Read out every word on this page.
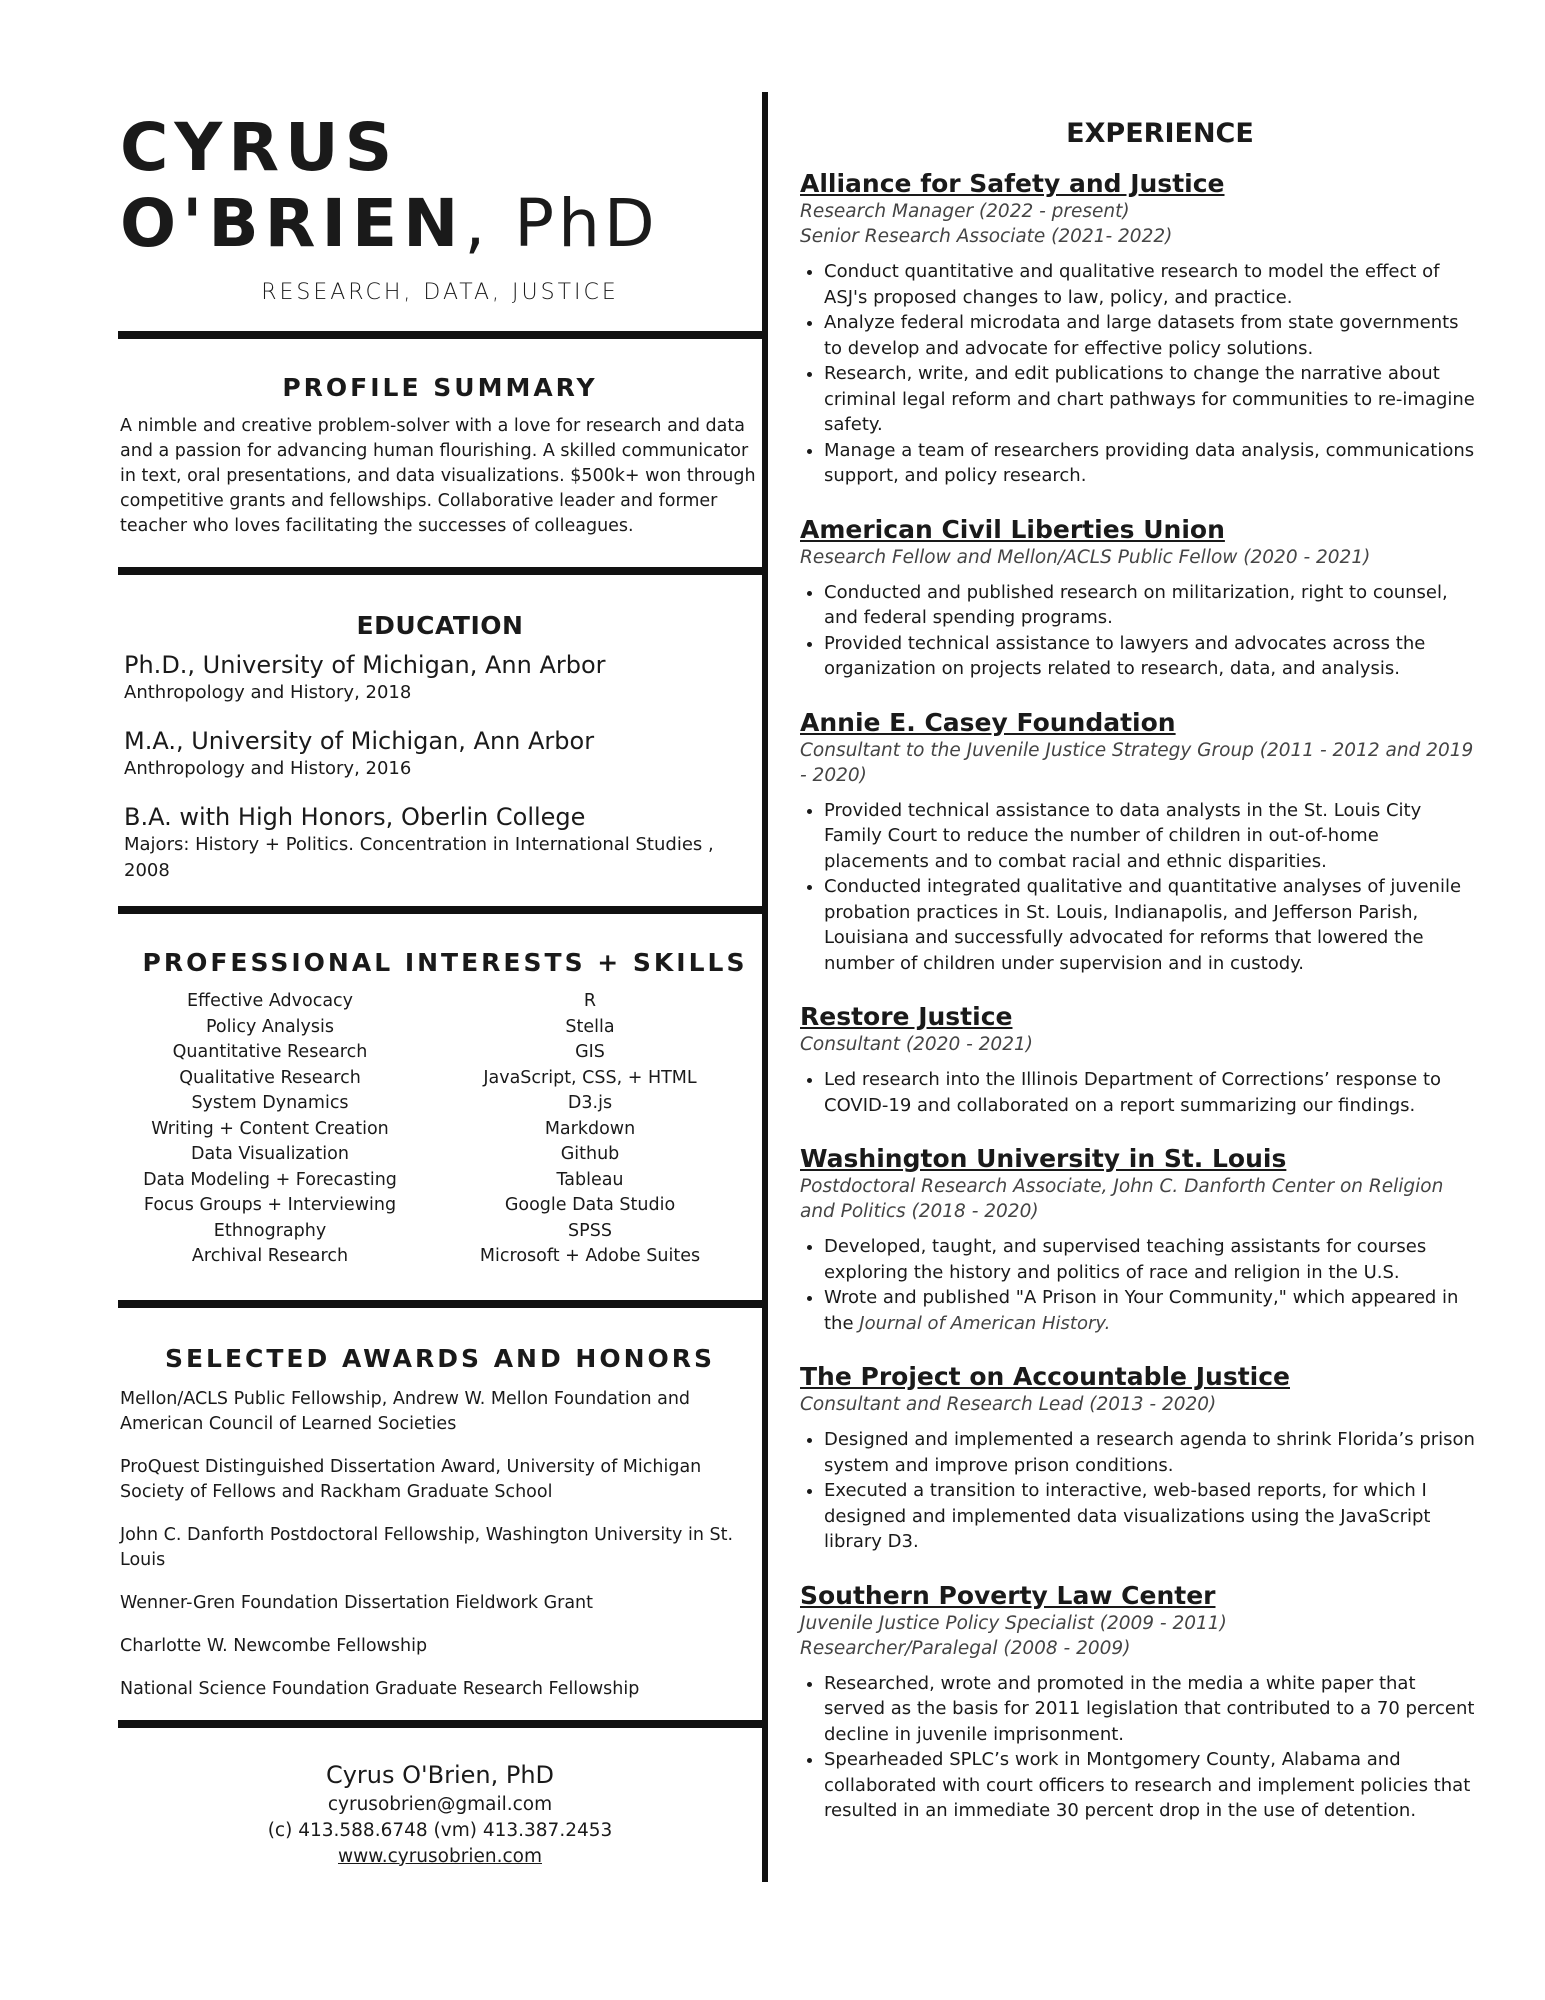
CYRUS
O'BRIEN, PhD
RESEARCH, DATA, JUSTICE
PROFILE SUMMARY

A nimble and creative problem-solver with a love for research and data and a passion for advancing human flourishing. A skilled communicator in text, oral presentations, and data visualizations. $500k+ won through competitive grants and fellowships. Collaborative leader and former teacher who loves facilitating the successes of colleagues.

EDUCATION
Ph.D., University of Michigan, Ann Arbor
Anthropology and History, 2018
M.A., University of Michigan, Ann Arbor
Anthropology and History, 2016
B.A. with High Honors, Oberlin College
Majors: History + Politics. Concentration in International Studies , 2008
PROFESSIONAL INTERESTS + SKILLS
Effective Advocacy
Policy Analysis
Quantitative Research
Qualitative Research
System Dynamics
Writing + Content Creation
Data Visualization
Data Modeling + Forecasting
Focus Groups + Interviewing
Ethnography
Archival Research
R
Stella
GIS
JavaScript, CSS, + HTML
D3.js
Markdown
Github
Tableau
Google Data Studio
SPSS
Microsoft + Adobe Suites
SELECTED AWARDS AND HONORS

Mellon/ACLS Public Fellowship, Andrew W. Mellon Foundation and American Council of Learned Societies

ProQuest Distinguished Dissertation Award, University of Michigan Society of Fellows and Rackham Graduate School

John C. Danforth Postdoctoral Fellowship, Washington University in St. Louis

Wenner-Gren Foundation Dissertation Fieldwork Grant

Charlotte W. Newcombe Fellowship

National Science Foundation Graduate Research Fellowship

Cyrus O'Brien, PhD
cyrusobrien@gmail.com
(c) 413.588.6748 (vm) 413.387.2453
www.cyrusobrien.com
EXPERIENCE
Alliance for Safety and Justice
Research Manager (2022 - present)
Senior Research Associate (2021- 2022)
• Conduct quantitative and qualitative research to model the effect of ASJ's proposed changes to law, policy, and practice.
• Analyze federal microdata and large datasets from state governments to develop and advocate for effective policy solutions.
• Research, write, and edit publications to change the narrative about criminal legal reform and chart pathways for communities to re-imagine safety.
• Manage a team of researchers providing data analysis, communications support, and policy research.
American Civil Liberties Union
Research Fellow and Mellon/ACLS Public Fellow (2020 - 2021)
• Conducted and published research on militarization, right to counsel, and federal spending programs.
• Provided technical assistance to lawyers and advocates across the organization on projects related to research, data, and analysis.
Annie E. Casey Foundation
Consultant to the Juvenile Justice Strategy Group (2011 - 2012 and 2019 - 2020)
• Provided technical assistance to data analysts in the St. Louis City Family Court to reduce the number of children in out-of-home placements and to combat racial and ethnic disparities.
• Conducted integrated qualitative and quantitative analyses of juvenile probation practices in St. Louis, Indianapolis, and Jefferson Parish, Louisiana and successfully advocated for reforms that lowered the number of children under supervision and in custody.
Restore Justice
Consultant (2020 - 2021)
• Led research into the Illinois Department of Corrections’ response to COVID-19 and collaborated on a report summarizing our findings.
Washington University in St. Louis
Postdoctoral Research Associate, John C. Danforth Center on Religion and Politics (2018 - 2020)
• Developed, taught, and supervised teaching assistants for courses exploring the history and politics of race and religion in the U.S.
• Wrote and published "A Prison in Your Community," which appeared in the Journal of American History.
The Project on Accountable Justice
Consultant and Research Lead (2013 - 2020)
• Designed and implemented a research agenda to shrink Florida’s prison system and improve prison conditions.
• Executed a transition to interactive, web-based reports, for which I designed and implemented data visualizations using the JavaScript library D3.
Southern Poverty Law Center
Juvenile Justice Policy Specialist (2009 - 2011)
Researcher/Paralegal (2008 - 2009)
• Researched, wrote and promoted in the media a white paper that served as the basis for 2011 legislation that contributed to a 70 percent decline in juvenile imprisonment.
• Spearheaded SPLC’s work in Montgomery County, Alabama and collaborated with court officers to research and implement policies that resulted in an immediate 30 percent drop in the use of detention.
